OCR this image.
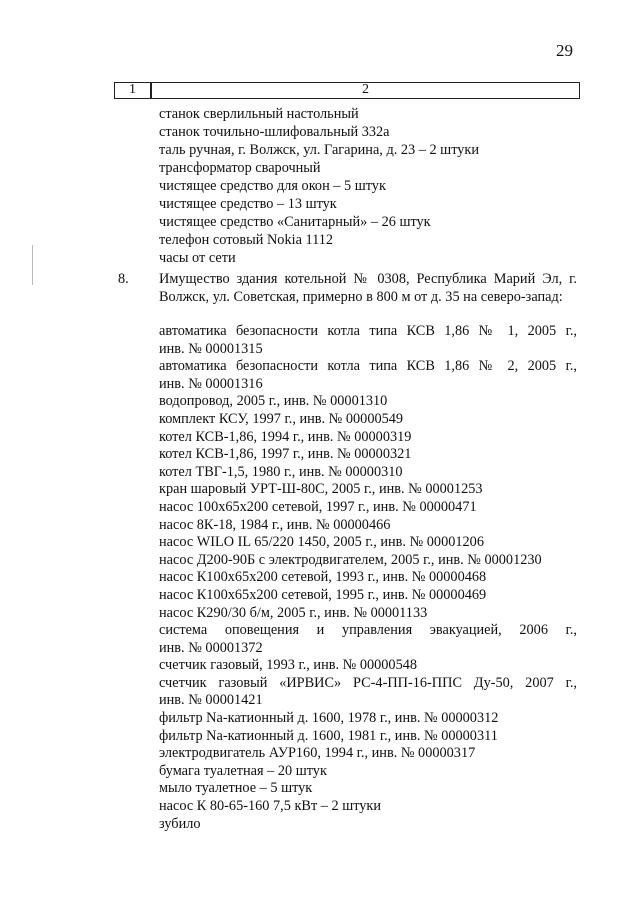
29
1	2
станок сверлильный настольный
станок точильно-шлифовальный 332а
таль ручная, г. Волжск, ул. Гагарина, д. 23 – 2 штуки
трансформатор сварочный
чистящее средство для окон – 5 штук
чистящее средство – 13 штук
чистящее средство «Санитарный» – 26 штук
телефон сотовый Nokia 1112
часы от сети
8. Имущество здания котельной № 0308, Республика Марий Эл, г. Волжск, ул. Советская, примерно в 800 м от д. 35 на северо-запад:

автоматика безопасности котла типа КСВ 1,86 № 1, 2005 г.,
инв. № 00001315
автоматика безопасности котла типа КСВ 1,86 № 2, 2005 г.,
инв. № 00001316
водопровод, 2005 г., инв. № 00001310
комплект КСУ, 1997 г., инв. № 00000549
котел КСВ-1,86, 1994 г., инв. № 00000319
котел КСВ-1,86, 1997 г., инв. № 00000321
котел ТВГ-1,5, 1980 г., инв. № 00000310
кран шаровый УРТ-Ш-80С, 2005 г., инв. № 00001253
насос 100х65х200 сетевой, 1997 г., инв. № 00000471
насос 8К-18, 1984 г., инв. № 00000466
насос WILO IL 65/220 1450, 2005 г., инв. № 00001206
насос Д200-90Б с электродвигателем, 2005 г., инв. № 00001230
насос К100х65х200 сетевой, 1993 г., инв. № 00000468
насос К100х65х200 сетевой, 1995 г., инв. № 00000469
насос К290/30 б/м, 2005 г., инв. № 00001133
система оповещения и управления эвакуацией, 2006 г.,
инв. № 00001372
счетчик газовый, 1993 г., инв. № 00000548
счетчик газовый «ИРВИС» РС-4-ПП-16-ППС Ду-50, 2007 г.,
инв. № 00001421
фильтр Na-катионный д. 1600, 1978 г., инв. № 00000312
фильтр Na-катионный д. 1600, 1981 г., инв. № 00000311
электродвигатель АУР160, 1994 г., инв. № 00000317
бумага туалетная – 20 штук
мыло туалетное – 5 штук
насос К 80-65-160 7,5 кВт – 2 штуки
зубило
